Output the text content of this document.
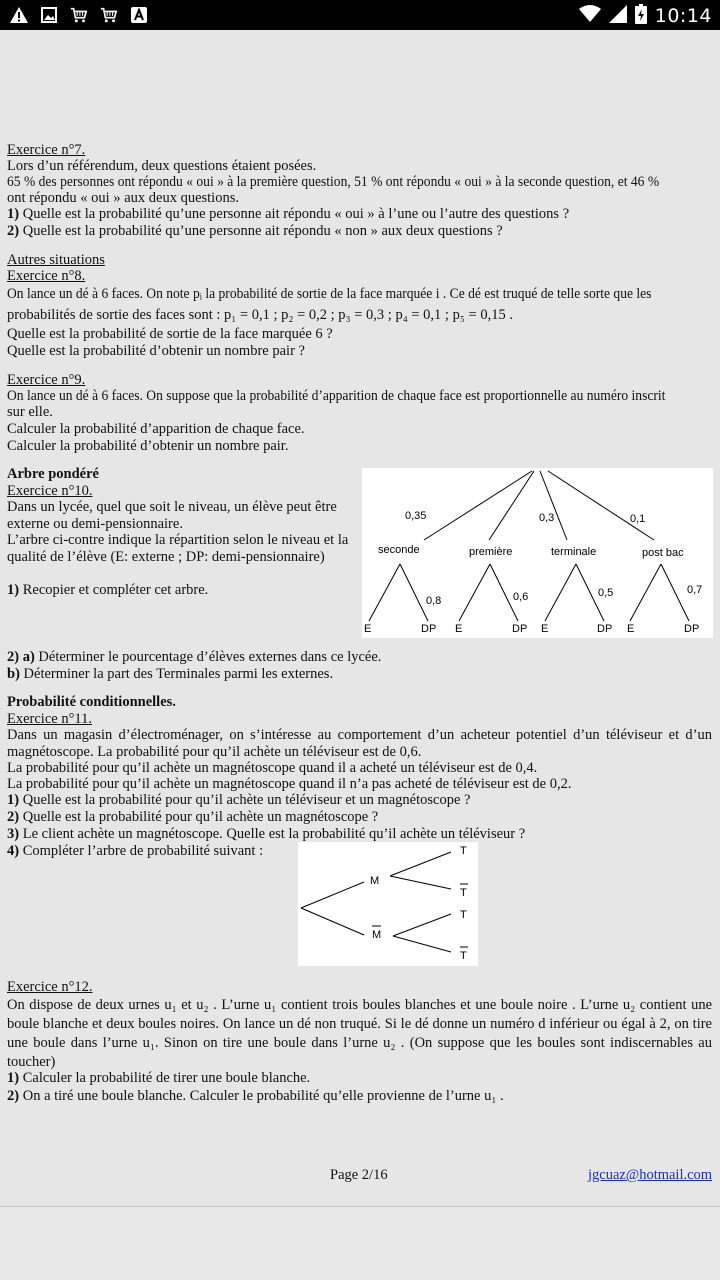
10:14
Exercice n°7.
Lors d’un référendum, deux questions étaient posées.
65 % des personnes ont répondu « oui » à la première question, 51 % ont répondu « oui » à la seconde question, et 46 %
ont répondu « oui » aux deux questions.
1) Quelle est la probabilité qu’une personne ait répondu « oui » à l’une ou l’autre des questions ?
2) Quelle est la probabilité qu’une personne ait répondu « non » aux deux questions ?
Autres situations
Exercice n°8.
On lance un dé à 6 faces. On note pᵢ la probabilité de sortie de la face marquée i . Ce dé est truqué de telle sorte que les
probabilités de sortie des faces sont : p₁ = 0,1 ; p₂ = 0,2 ; p₃ = 0,3 ; p₄ = 0,1 ; p₅ = 0,15 .
Quelle est la probabilité de sortie de la face marquée 6 ?
Quelle est la probabilité d’obtenir un nombre pair ?
Exercice n°9.
On lance un dé à 6 faces. On suppose que la probabilité d’apparition de chaque face est proportionnelle au numéro inscrit
sur elle.
Calculer la probabilité d’apparition de chaque face.
Calculer la probabilité d’obtenir un nombre pair.
Arbre pondéré
Exercice n°10.
Dans un lycée, quel que soit le niveau, un élève peut être
externe ou demi-pensionnaire.
L’arbre ci-contre indique la répartition selon le niveau et la
qualité de l’élève (E: externe ; DP: demi-pensionnaire)
1) Recopier et compléter cet arbre.
0,35	0,3	0,1
seconde	première	terminale	post bac
0,8	0,6	0,5	0,7
E	DP E	DP E	DP E	DP
2) a) Déterminer le pourcentage d’élèves externes dans ce lycée.
b) Déterminer la part des Terminales parmi les externes.
Probabilité conditionnelles.
Exercice n°11.
Dans un magasin d’électroménager, on s’intéresse au comportement d’un acheteur potentiel d’un téléviseur et d’un
magnétoscope. La probabilité pour qu’il achète un téléviseur est de 0,6.
La probabilité pour qu’il achète un magnétoscope quand il a acheté un téléviseur est de 0,4.
La probabilité pour qu’il achète un magnétoscope quand il n’a pas acheté de téléviseur est de 0,2.
1) Quelle est la probabilité pour qu’il achète un téléviseur et un magnétoscope ?
2) Quelle est la probabilité pour qu’il achète un magnétoscope ?
3) Le client achète un magnétoscope. Quelle est la probabilité qu’il achète un téléviseur ?
4) Compléter l’arbre de probabilité suivant :
M
M
T
T
T
T
Exercice n°12.
On dispose de deux urnes u₁ et u₂ . L’urne u₁ contient trois boules blanches et une boule noire . L’urne u₂ contient une
boule blanche et deux boules noires. On lance un dé non truqué. Si le dé donne un numéro d inférieur ou égal à 2, on tire
une boule dans l’urne u₁. Sinon on tire une boule dans l’urne u₂ . (On suppose que les boules sont indiscernables au
toucher)
1) Calculer la probabilité de tirer une boule blanche.
2) On a tiré une boule blanche. Calculer le probabilité qu’elle provienne de l’urne u₁ .
Page 2/16	jgcuaz@hotmail.com
